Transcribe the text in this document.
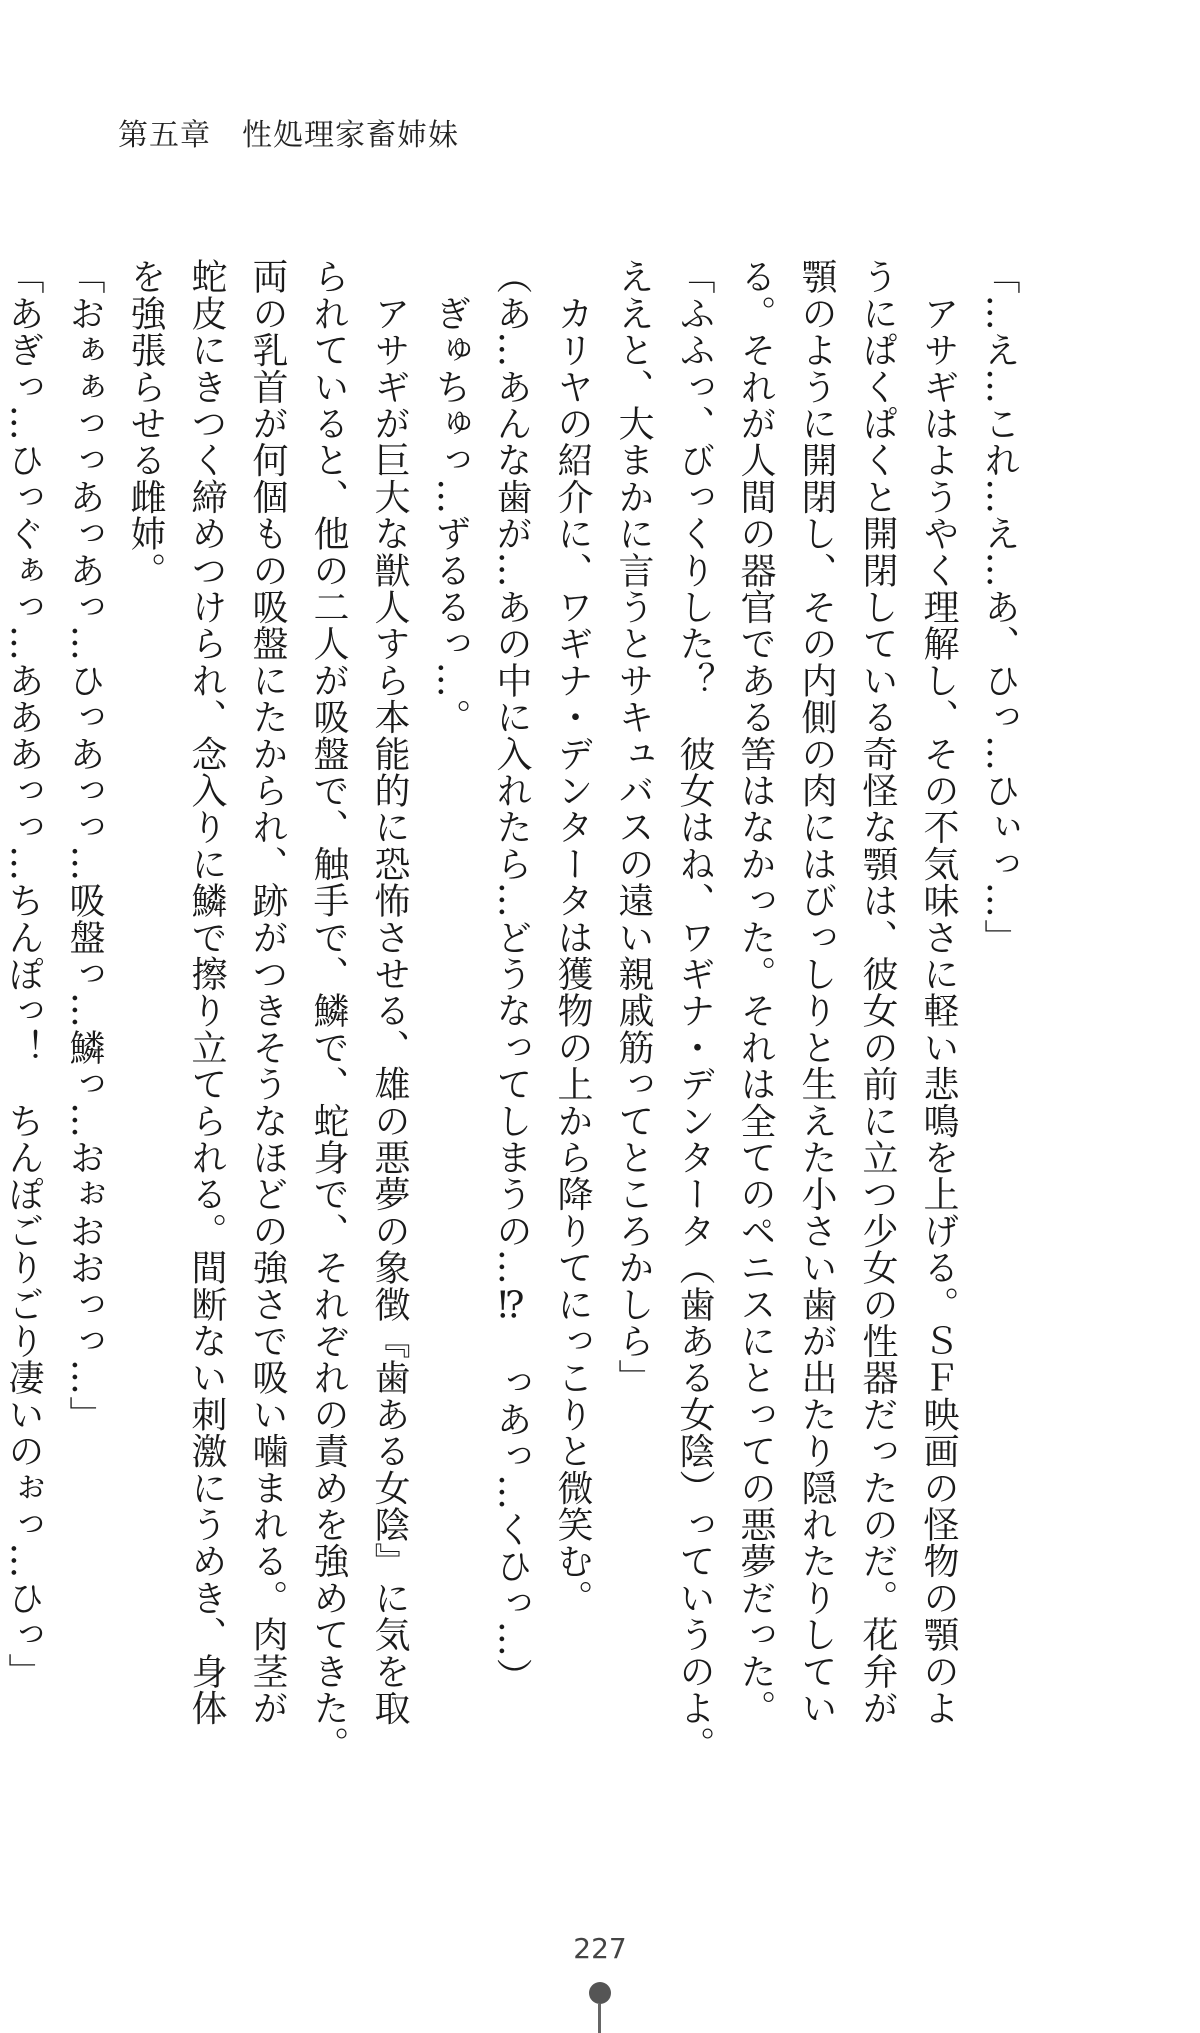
第五章　性処理家畜姉妹

「…え…これ…え…あ、ひっ…ひぃっ…」

　アサギはようやく理解し、その不気味さに軽い悲鳴を上げる。ＳＦ映画の怪物の顎のよ

うにぱくぱくと開閉している奇怪な顎は、彼女の前に立つ少女の性器だったのだ。花弁が

顎のように開閉し、その内側の肉にはびっしりと生えた小さい歯が出たり隠れたりしてい

る。それが人間の器官である筈はなかった。それは全てのペニスにとっての悪夢だった。

「ふふっ、びっくりした？　彼女はね、ワギナ・デンタータ（歯ある女陰）っていうのよ。

ええと、大まかに言うとサキュバスの遠い親戚筋ってところかしら」

　カリヤの紹介に、ワギナ・デンタータは獲物の上から降りてにっこりと微笑む。

（あ…あんな歯が…あの中に入れたら…どうなってしまうの…⁉　っあっ…くひっ…）

　ぎゅちゅっ…ずるるっ…。

　アサギが巨大な獣人すら本能的に恐怖させる、雄の悪夢の象徴『歯ある女陰』に気を取

られていると、他の二人が吸盤で、触手で、鱗で、蛇身で、それぞれの責めを強めてきた。

両の乳首が何個もの吸盤にたかられ、跡がつきそうなほどの強さで吸い噛まれる。肉茎が

蛇皮にきつく締めつけられ、念入りに鱗で擦り立てられる。間断ない刺激にうめき、身体

を強張らせる雌姉。

「おぁぁっっあっあっ…ひっあっっ…吸盤っ…鱗っ…おぉおおっっ…」

「あぎっ…ひっぐぁっ…あああっっ…ちんぽっ！　ちんぽごりごり凄いのぉっ…ひっ」

227
